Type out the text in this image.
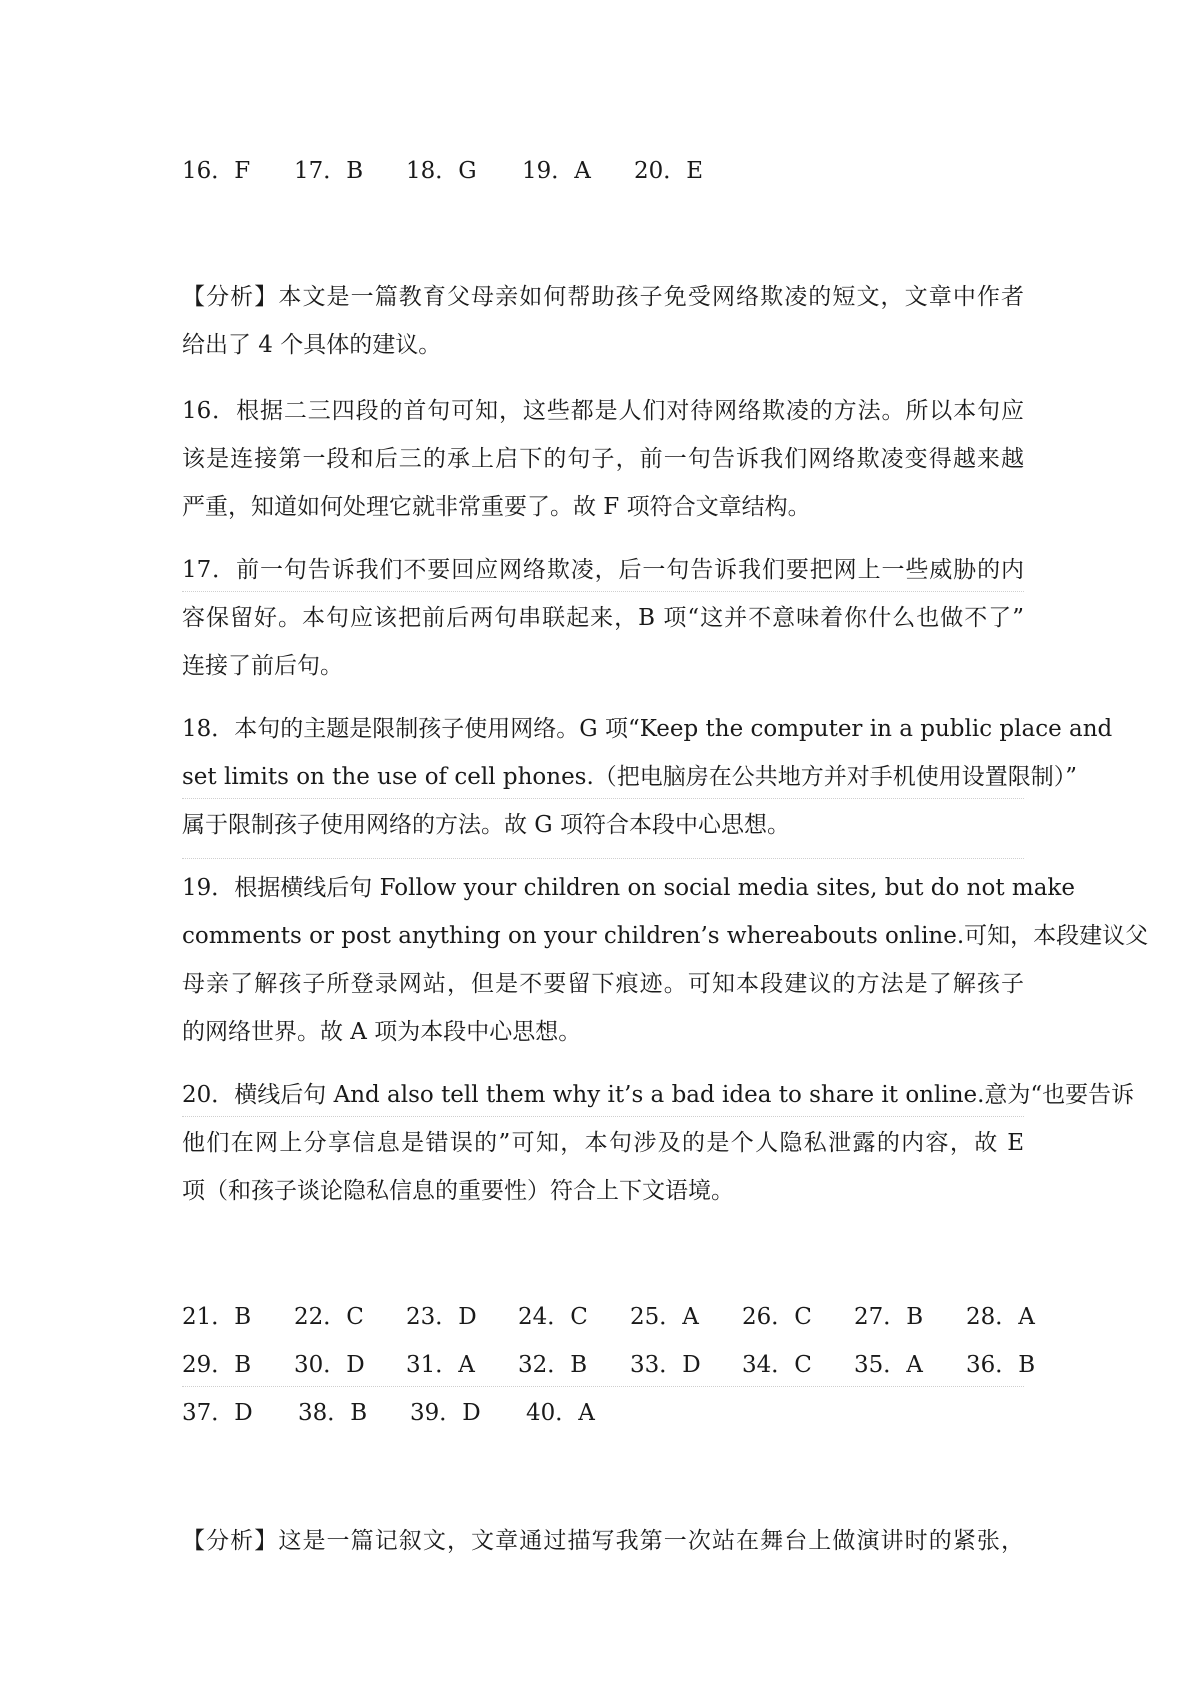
16．F 17．B 18．G 19．A 20．E
【分析】本文是一篇教育父母亲如何帮助孩子免受网络欺凌的短文，文章中作者
给出了 4 个具体的建议。
16．根据二三四段的首句可知，这些都是人们对待网络欺凌的方法。所以本句应
该是连接第一段和后三的承上启下的句子，前一句告诉我们网络欺凌变得越来越
严重，知道如何处理它就非常重要了。故 F 项符合文章结构。
17．前一句告诉我们不要回应网络欺凌，后一句告诉我们要把网上一些威胁的内
容保留好。本句应该把前后两句串联起来，B 项“这并不意味着你什么也做不了”
连接了前后句。
18．本句的主题是限制孩子使用网络。G 项“Keep the computer in a public place and
set limits on the use of cell phones.（把电脑房在公共地方并对手机使用设置限制）”
属于限制孩子使用网络的方法。故 G 项符合本段中心思想。
19．根据横线后句 Follow your children on social media sites, but do not make
comments or post anything on your children’s whereabouts online.可知，本段建议父
母亲了解孩子所登录网站，但是不要留下痕迹。可知本段建议的方法是了解孩子
的网络世界。故 A 项为本段中心思想。
20．横线后句 And also tell them why it’s a bad idea to share it online.意为“也要告诉
他们在网上分享信息是错误的”可知，本句涉及的是个人隐私泄露的内容，故 E
项（和孩子谈论隐私信息的重要性）符合上下文语境。
21．B 22．C 23．D 24．C 25．A 26．C 27．B 28．A
29．B 30．D 31．A 32．B 33．D 34．C 35．A 36．B
37．D 38．B 39．D 40．A
【分析】这是一篇记叙文，文章通过描写我第一次站在舞台上做演讲时的紧张，
